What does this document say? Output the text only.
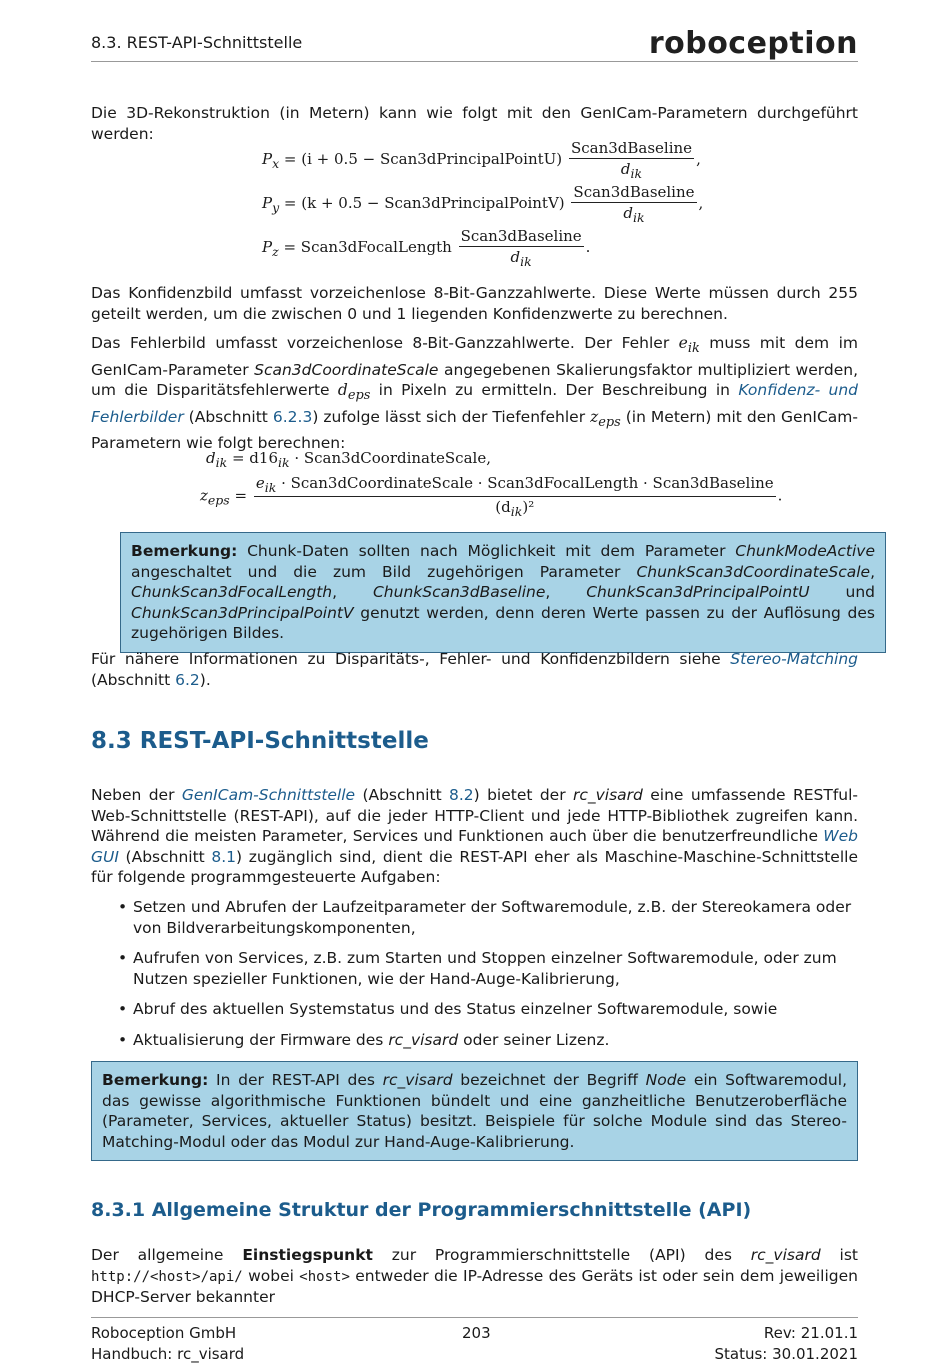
8.3. REST-API-Schnittstelle	roboception

Die 3D-Rekonstruktion (in Metern) kann wie folgt mit den GenICam-Parametern durchgeführt werden:

$P_x = (i + 0.5$ − Scan3dPrincipalPointU) $\frac{\text{Scan3dBaseline}}{d_{ik}}$ ,
$P_y = (k + 0.5$ − Scan3dPrincipalPointV) $\frac{\text{Scan3dBaseline}}{d_{ik}}$ ,
$P_z$ = Scan3dFocalLength $\frac{\text{Scan3dBaseline}}{d_{ik}}$ .

Das Konfidenzbild umfasst vorzeichenlose 8-Bit-Ganzzahlwerte. Diese Werte müssen durch 255 geteilt werden, um die zwischen 0 und 1 liegenden Konfidenzwerte zu berechnen.

Das Fehlerbild umfasst vorzeichenlose 8-Bit-Ganzzahlwerte. Der Fehler $e_{ik}$ muss mit dem im GenICam-Parameter Scan3dCoordinateScale angegebenen Skalierungsfaktor multipliziert werden, um die Disparitätsfehlerwerte $d_{eps}$ in Pixeln zu ermitteln. Der Beschreibung in Konfidenz- und Fehlerbilder (Abschnitt 6.2.3) zufolge lässt sich der Tiefenfehler $z_{eps}$ (in Metern) mit den GenICam-Parametern wie folgt berechnen:

$d_{ik} = d16_{ik}$ · Scan3dCoordinateScale,
$z_{eps}$ =
$e_{ik}$ · Scan3dCoordinateScale · Scan3dFocalLength · Scan3dBaseline
$(d_{ik})^2$
.
Bemerkung: Chunk-Daten sollten nach Möglichkeit mit dem Parameter ChunkModeActive angeschaltet und die zum Bild zugehörigen Parameter ChunkScan3dCoordinateScale, ChunkScan3dFocalLength, ChunkScan3dBaseline, ChunkScan3dPrincipalPointU und ChunkScan3dPrincipalPointV genutzt werden, denn deren Werte passen zu der Auflösung des zugehörigen Bildes.

Für nähere Informationen zu Disparitäts-, Fehler- und Konfidenzbildern siehe Stereo-Matching (Abschnitt 6.2).

8.3 REST-API-Schnittstelle

Neben der GenICam-Schnittstelle (Abschnitt 8.2) bietet der rc_visard eine umfassende RESTful-Web-Schnittstelle (REST-API), auf die jeder HTTP-Client und jede HTTP-Bibliothek zugreifen kann. Während die meisten Parameter, Services und Funktionen auch über die benutzerfreundliche Web GUI (Abschnitt 8.1) zugänglich sind, dient die REST-API eher als Maschine-Maschine-Schnittstelle für folgende programmgesteuerte Aufgaben:

• Setzen und Abrufen der Laufzeitparameter der Softwaremodule, z.B. der Stereokamera oder von Bildverarbeitungskomponenten,
• Aufrufen von Services, z.B. zum Starten und Stoppen einzelner Softwaremodule, oder zum Nutzen spezieller Funktionen, wie der Hand-Auge-Kalibrierung,
• Abruf des aktuellen Systemstatus und des Status einzelner Softwaremodule, sowie
• Aktualisierung der Firmware des rc_visard oder seiner Lizenz.
Bemerkung: In der REST-API des rc_visard bezeichnet der Begriff Node ein Softwaremodul, das gewisse algorithmische Funktionen bündelt und eine ganzheitliche Benutzeroberfläche (Parameter, Services, aktueller Status) besitzt. Beispiele für solche Module sind das Stereo-Matching-Modul oder das Modul zur Hand-Auge-Kalibrierung.
8.3.1 Allgemeine Struktur der Programmierschnittstelle (API)

Der allgemeine Einstiegspunkt zur Programmierschnittstelle (API) des rc_visard ist http://<host>/api/ wobei <host> entweder die IP-Adresse des Geräts ist oder sein dem jeweiligen DHCP-Server bekannter

Roboception GmbH
Handbuch: rc_visard
203	Rev: 21.01.1
Status: 30.01.2021
